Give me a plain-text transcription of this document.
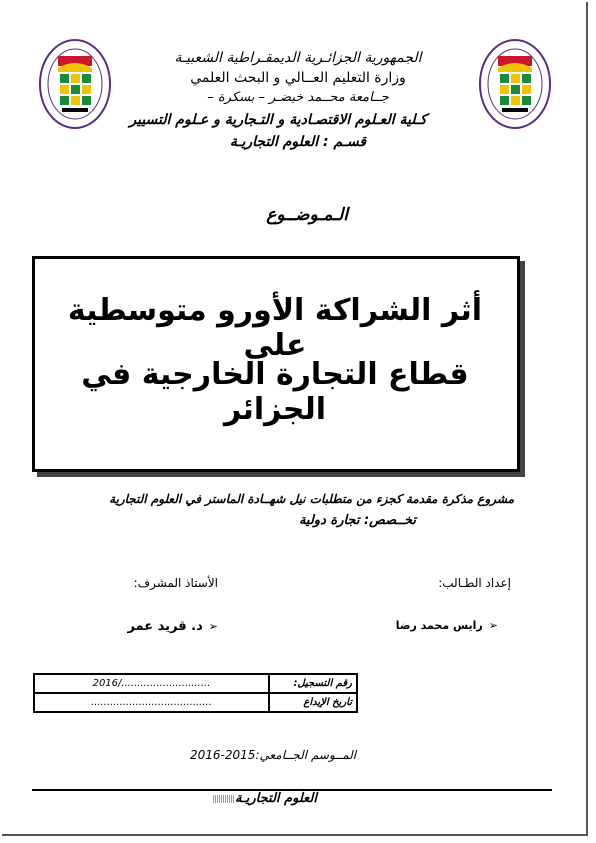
الجمهورية الجزائـرية الديمقـراطية الشعبيـة
وزارة التعليم العــالي و البحث العلمي
جــامعة محــمد خيضـر – بسكرة –
كـلية العـلوم الاقتصـادية و التـجارية و عـلوم التسيير
قسـم : العلوم التجاريـة
الـمـوضــوع
أثر الشراكة الأورو متوسطية على
قطاع التجارة الخارجية في الجزائر
مشروع مذكرة مقدمة كجزء من متطلبات نيل شهــادة الماستر في العلوم التجارية
تخــصص: تجارة دولية
إعداد الطـالب:
الأستاذ المشرف:
➢رايس محمد رضا
➢د. قريد عمر
2016/............................	رقم التسجيل:
......................................	تاريخ الإيداع
المــوسم الجــامعي:2015-2016
العلوم التجاريـة
